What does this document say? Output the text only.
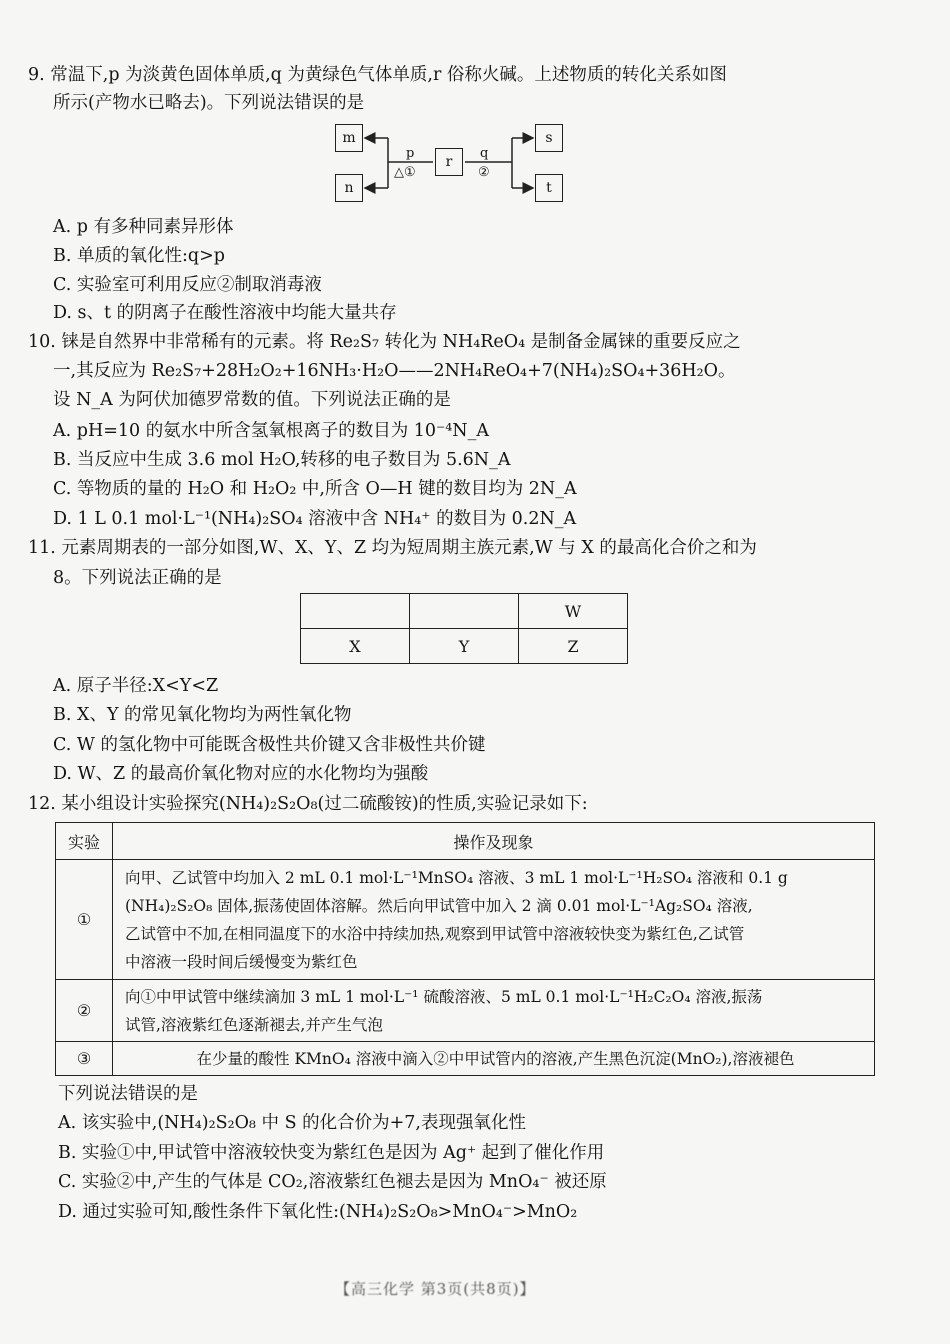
9. 常温下,p 为淡黄色固体单质,q 为黄绿色气体单质,r 俗称火碱。上述物质的转化关系如图
所示(产物水已略去)。下列说法错误的是
m
n
r
s
t
p
△①
q
②
A. p 有多种同素异形体
B. 单质的氧化性:q>p
C. 实验室可利用反应②制取消毒液
D. s、t 的阴离子在酸性溶液中均能大量共存
10. 铼是自然界中非常稀有的元素。将 Re₂S₇ 转化为 NH₄ReO₄ 是制备金属铼的重要反应之
一,其反应为 Re₂S₇+28H₂O₂+16NH₃·H₂O——2NH₄ReO₄+7(NH₄)₂SO₄+36H₂O。
设 N_A 为阿伏加德罗常数的值。下列说法正确的是
A. pH=10 的氨水中所含氢氧根离子的数目为 10⁻⁴N_A
B. 当反应中生成 3.6 mol H₂O,转移的电子数目为 5.6N_A
C. 等物质的量的 H₂O 和 H₂O₂ 中,所含 O—H 键的数目均为 2N_A
D. 1 L 0.1 mol·L⁻¹(NH₄)₂SO₄ 溶液中含 NH₄⁺ 的数目为 0.2N_A
11. 元素周期表的一部分如图,W、X、Y、Z 均为短周期主族元素,W 与 X 的最高化合价之和为
8。下列说法正确的是
		W
X	Y	Z
A. 原子半径:X<Y<Z
B. X、Y 的常见氧化物均为两性氧化物
C. W 的氢化物中可能既含极性共价键又含非极性共价键
D. W、Z 的最高价氧化物对应的水化物均为强酸
12. 某小组设计实验探究(NH₄)₂S₂O₈(过二硫酸铵)的性质,实验记录如下:
实验	操作及现象
①	向甲、乙试管中均加入 2 mL 0.1 mol·L⁻¹MnSO₄ 溶液、3 mL 1 mol·L⁻¹H₂SO₄ 溶液和 0.1 g
(NH₄)₂S₂O₈ 固体,振荡使固体溶解。然后向甲试管中加入 2 滴 0.01 mol·L⁻¹Ag₂SO₄ 溶液,
乙试管中不加,在相同温度下的水浴中持续加热,观察到甲试管中溶液较快变为紫红色,乙试管
中溶液一段时间后缓慢变为紫红色

②	向①中甲试管中继续滴加 3 mL 1 mol·L⁻¹ 硫酸溶液、5 mL 0.1 mol·L⁻¹H₂C₂O₄ 溶液,振荡
试管,溶液紫红色逐渐褪去,并产生气泡

③	在少量的酸性 KMnO₄ 溶液中滴入②中甲试管内的溶液,产生黑色沉淀(MnO₂),溶液褪色
下列说法错误的是
A. 该实验中,(NH₄)₂S₂O₈ 中 S 的化合价为+7,表现强氧化性
B. 实验①中,甲试管中溶液较快变为紫红色是因为 Ag⁺ 起到了催化作用
C. 实验②中,产生的气体是 CO₂,溶液紫红色褪去是因为 MnO₄⁻ 被还原
D. 通过实验可知,酸性条件下氧化性:(NH₄)₂S₂O₈>MnO₄⁻>MnO₂
【高三化学 第3页(共8页)】
